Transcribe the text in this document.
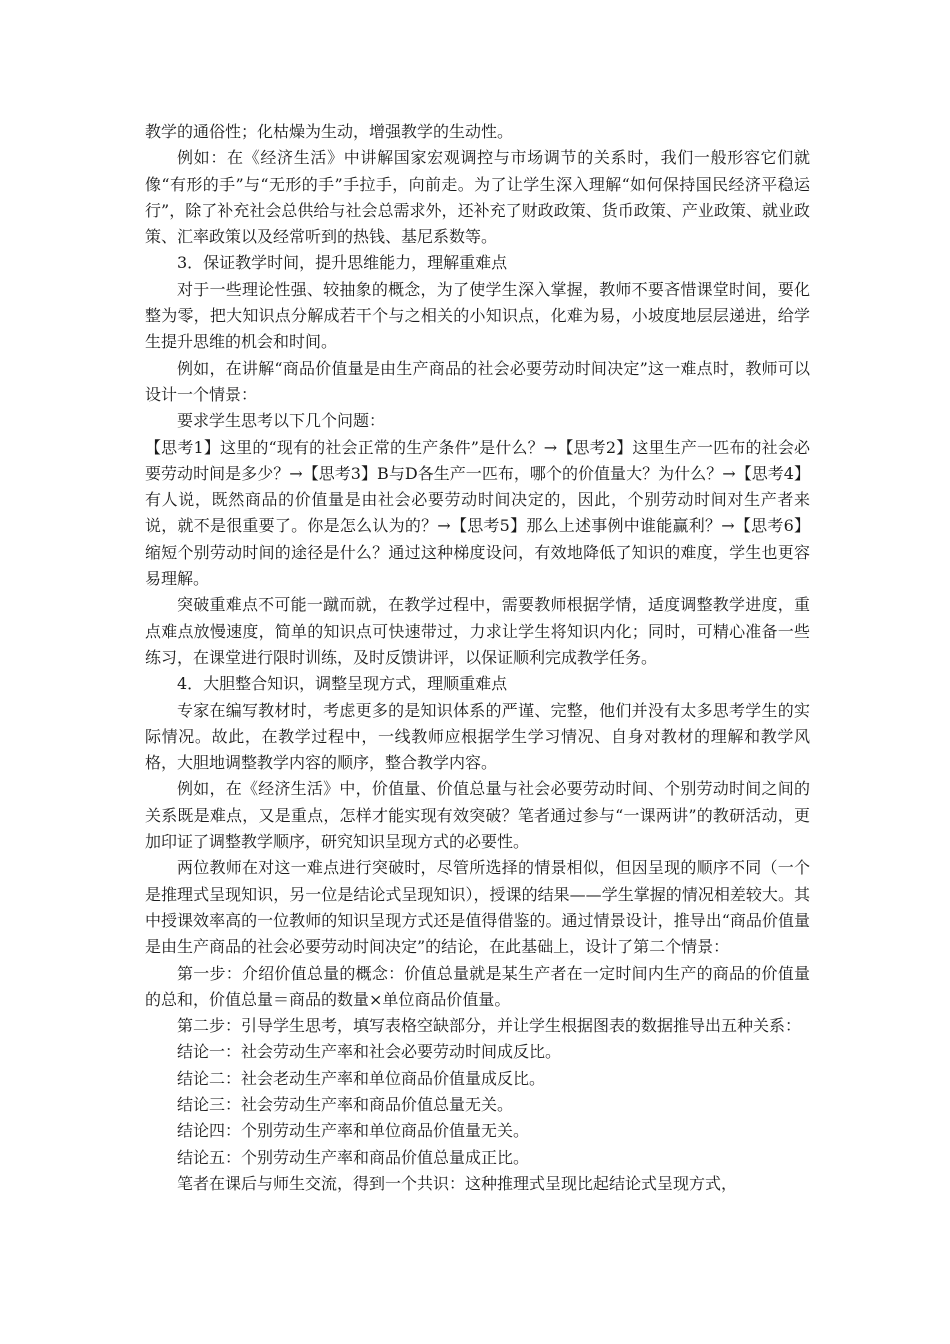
教学的通俗性；化枯燥为生动，增强教学的生动性。

例如：在《经济生活》中讲解国家宏观调控与市场调节的关系时，我们一般形容它们就像“有形的手”与“无形的手”手拉手，向前走。为了让学生深入理解“如何保持国民经济平稳运行”，除了补充社会总供给与社会总需求外，还补充了财政政策、货币政策、产业政策、就业政策、汇率政策以及经常听到的热钱、基尼系数等。

3．保证教学时间，提升思维能力，理解重难点

对于一些理论性强、较抽象的概念，为了使学生深入掌握，教师不要吝惜课堂时间，要化整为零，把大知识点分解成若干个与之相关的小知识点，化难为易，小坡度地层层递进，给学生提升思维的机会和时间。

例如，在讲解“商品价值量是由生产商品的社会必要劳动时间决定”这一难点时，教师可以设计一个情景：

要求学生思考以下几个问题：

【思考1】这里的“现有的社会正常的生产条件”是什么？→【思考2】这里生产一匹布的社会必要劳动时间是多少？→【思考3】B与D各生产一匹布，哪个的价值量大？为什么？→【思考4】有人说，既然商品的价值量是由社会必要劳动时间决定的，因此，个别劳动时间对生产者来说，就不是很重要了。你是怎么认为的？→【思考5】那么上述事例中谁能赢利？→【思考6】缩短个别劳动时间的途径是什么？通过这种梯度设问，有效地降低了知识的难度，学生也更容易理解。

突破重难点不可能一蹴而就，在教学过程中，需要教师根据学情，适度调整教学进度，重点难点放慢速度，简单的知识点可快速带过，力求让学生将知识内化；同时，可精心准备一些练习，在课堂进行限时训练，及时反馈讲评，以保证顺利完成教学任务。

4．大胆整合知识，调整呈现方式，理顺重难点

专家在编写教材时，考虑更多的是知识体系的严谨、完整，他们并没有太多思考学生的实际情况。故此，在教学过程中，一线教师应根据学生学习情况、自身对教材的理解和教学风格，大胆地调整教学内容的顺序，整合教学内容。

例如，在《经济生活》中，价值量、价值总量与社会必要劳动时间、个别劳动时间之间的关系既是难点，又是重点，怎样才能实现有效突破？笔者通过参与“一课两讲”的教研活动，更加印证了调整教学顺序，研究知识呈现方式的必要性。

两位教师在对这一难点进行突破时，尽管所选择的情景相似，但因呈现的顺序不同（一个是推理式呈现知识，另一位是结论式呈现知识），授课的结果——学生掌握的情况相差较大。其中授课效率高的一位教师的知识呈现方式还是值得借鉴的。通过情景设计，推导出“商品价值量是由生产商品的社会必要劳动时间决定”的结论，在此基础上，设计了第二个情景：

第一步：介绍价值总量的概念：价值总量就是某生产者在一定时间内生产的商品的价值量的总和，价值总量＝商品的数量×单位商品价值量。

第二步：引导学生思考，填写表格空缺部分，并让学生根据图表的数据推导出五种关系：

结论一：社会劳动生产率和社会必要劳动时间成反比。

结论二：社会老动生产率和单位商品价值量成反比。

结论三：社会劳动生产率和商品价值总量无关。

结论四：个别劳动生产率和单位商品价值量无关。

结论五：个别劳动生产率和商品价值总量成正比。

笔者在课后与师生交流，得到一个共识：这种推理式呈现比起结论式呈现方式，
